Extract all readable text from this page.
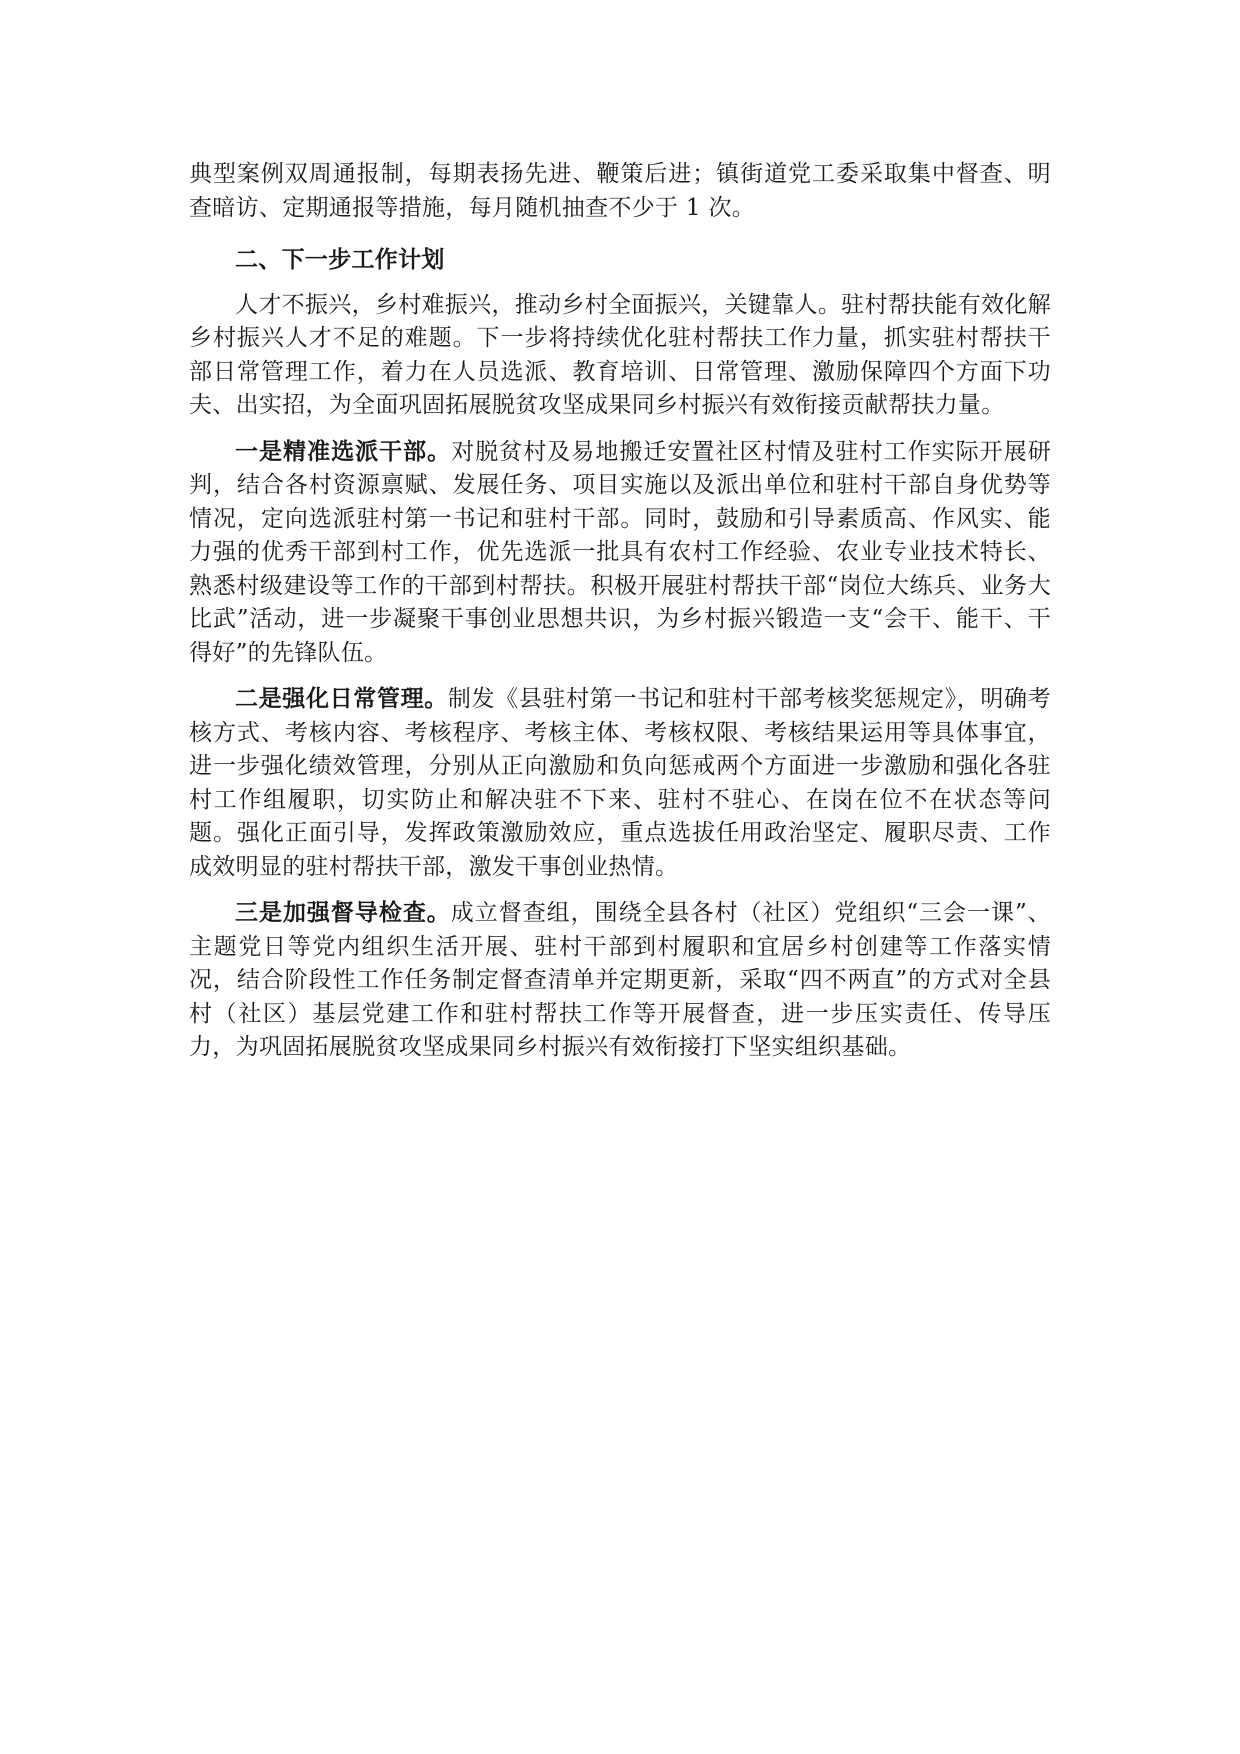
典型案例双周通报制，每期表扬先进、鞭策后进；镇街道党工委采取集中督查、明查暗访、定期通报等措施，每月随机抽查不少于 1 次。

二、下一步工作计划

人才不振兴，乡村难振兴，推动乡村全面振兴，关键靠人。驻村帮扶能有效化解乡村振兴人才不足的难题。下一步将持续优化驻村帮扶工作力量，抓实驻村帮扶干部日常管理工作，着力在人员选派、教育培训、日常管理、激励保障四个方面下功夫、出实招，为全面巩固拓展脱贫攻坚成果同乡村振兴有效衔接贡献帮扶力量。

一是精准选派干部。对脱贫村及易地搬迁安置社区村情及驻村工作实际开展研判，结合各村资源禀赋、发展任务、项目实施以及派出单位和驻村干部自身优势等情况，定向选派驻村第一书记和驻村干部。同时，鼓励和引导素质高、作风实、能力强的优秀干部到村工作，优先选派一批具有农村工作经验、农业专业技术特长、熟悉村级建设等工作的干部到村帮扶。积极开展驻村帮扶干部“岗位大练兵、业务大比武”活动，进一步凝聚干事创业思想共识，为乡村振兴锻造一支“会干、能干、干得好”的先锋队伍。

二是强化日常管理。制发《县驻村第一书记和驻村干部考核奖惩规定》，明确考核方式、考核内容、考核程序、考核主体、考核权限、考核结果运用等具体事宜，进一步强化绩效管理，分别从正向激励和负向惩戒两个方面进一步激励和强化各驻村工作组履职，切实防止和解决驻不下来、驻村不驻心、在岗在位不在状态等问题。强化正面引导，发挥政策激励效应，重点选拔任用政治坚定、履职尽责、工作成效明显的驻村帮扶干部，激发干事创业热情。

三是加强督导检查。成立督查组，围绕全县各村（社区）党组织“三会一课”、主题党日等党内组织生活开展、驻村干部到村履职和宜居乡村创建等工作落实情况，结合阶段性工作任务制定督查清单并定期更新，采取“四不两直”的方式对全县村（社区）基层党建工作和驻村帮扶工作等开展督查，进一步压实责任、传导压力，为巩固拓展脱贫攻坚成果同乡村振兴有效衔接打下坚实组织基础。
